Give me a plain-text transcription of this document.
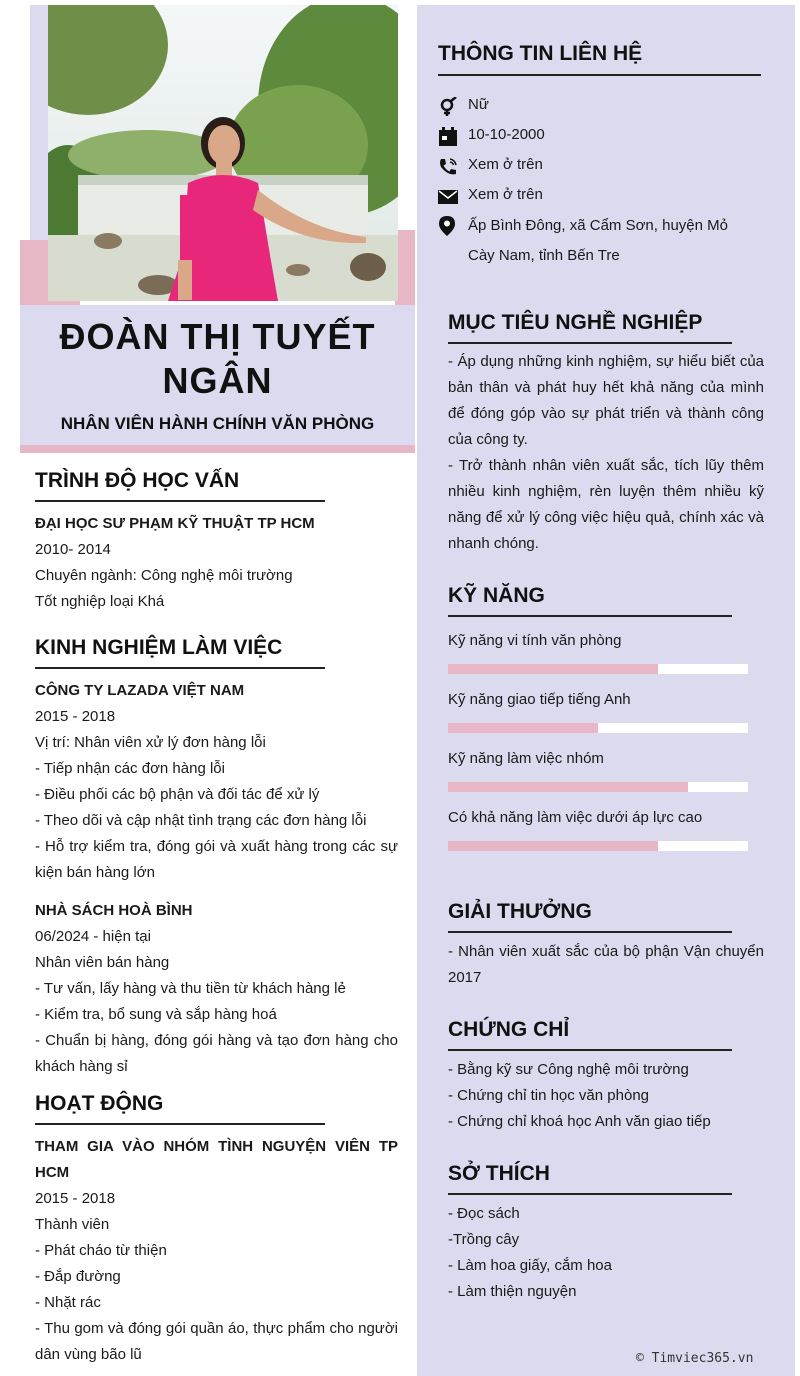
ĐOÀN THỊ TUYẾT NGÂN
NHÂN VIÊN HÀNH CHÍNH VĂN PHÒNG
TRÌNH ĐỘ HỌC VẤN

ĐẠI HỌC SƯ PHẠM KỸ THUẬT TP HCM

2010- 2014

Chuyên ngành: Công nghệ môi trường

Tốt nghiệp loại Khá

KINH NGHIỆM LÀM VIỆC

CÔNG TY LAZADA VIỆT NAM

2015 - 2018

Vị trí: Nhân viên xử lý đơn hàng lỗi

- Tiếp nhận các đơn hàng lỗi

- Điều phối các bộ phận và đối tác để xử lý

- Theo dõi và cập nhật tình trạng các đơn hàng lỗi

- Hỗ trợ kiểm tra, đóng gói và xuất hàng trong các sự kiện bán hàng lớn

NHÀ SÁCH HOÀ BÌNH

06/2024 - hiện tại

Nhân viên bán hàng

- Tư vấn, lấy hàng và thu tiền từ khách hàng lẻ

- Kiểm tra, bổ sung và sắp hàng hoá

- Chuẩn bị hàng, đóng gói hàng và tạo đơn hàng cho khách hàng sỉ

HOẠT ĐỘNG

THAM GIA VÀO NHÓM TÌNH NGUYỆN VIÊN TP HCM

2015 - 2018

Thành viên

- Phát cháo từ thiện

- Đắp đường

- Nhặt rác

- Thu gom và đóng gói quần áo, thực phẩm cho người dân vùng bão lũ

THÔNG TIN LIÊN HỆ
Nữ
10-10-2000
Xem ở trên
Xem ở trên
Ấp Bình Đông, xã Cẩm Sơn, huyện Mỏ Cày Nam, tỉnh Bến Tre
MỤC TIÊU NGHỀ NGHIỆP

- Áp dụng những kinh nghiệm, sự hiểu biết của bản thân và phát huy hết khả năng của mình để đóng góp vào sự phát triển và thành công của công ty.

- Trở thành nhân viên xuất sắc, tích lũy thêm nhiều kinh nghiệm, rèn luyện thêm nhiều kỹ năng để xử lý công việc hiệu quả, chính xác và nhanh chóng.

KỸ NĂNG
Kỹ năng vi tính văn phòng
Kỹ năng giao tiếp tiếng Anh
Kỹ năng làm việc nhóm
Có khả năng làm việc dưới áp lực cao
GIẢI THƯỞNG

- Nhân viên xuất sắc của bộ phận Vận chuyển 2017

CHỨNG CHỈ

- Bằng kỹ sư Công nghệ môi trường

- Chứng chỉ tin học văn phòng

- Chứng chỉ khoá học Anh văn giao tiếp

SỞ THÍCH

- Đọc sách

-Trồng cây

- Làm hoa giấy, cắm hoa

- Làm thiện nguyện

© Timviec365.vn
